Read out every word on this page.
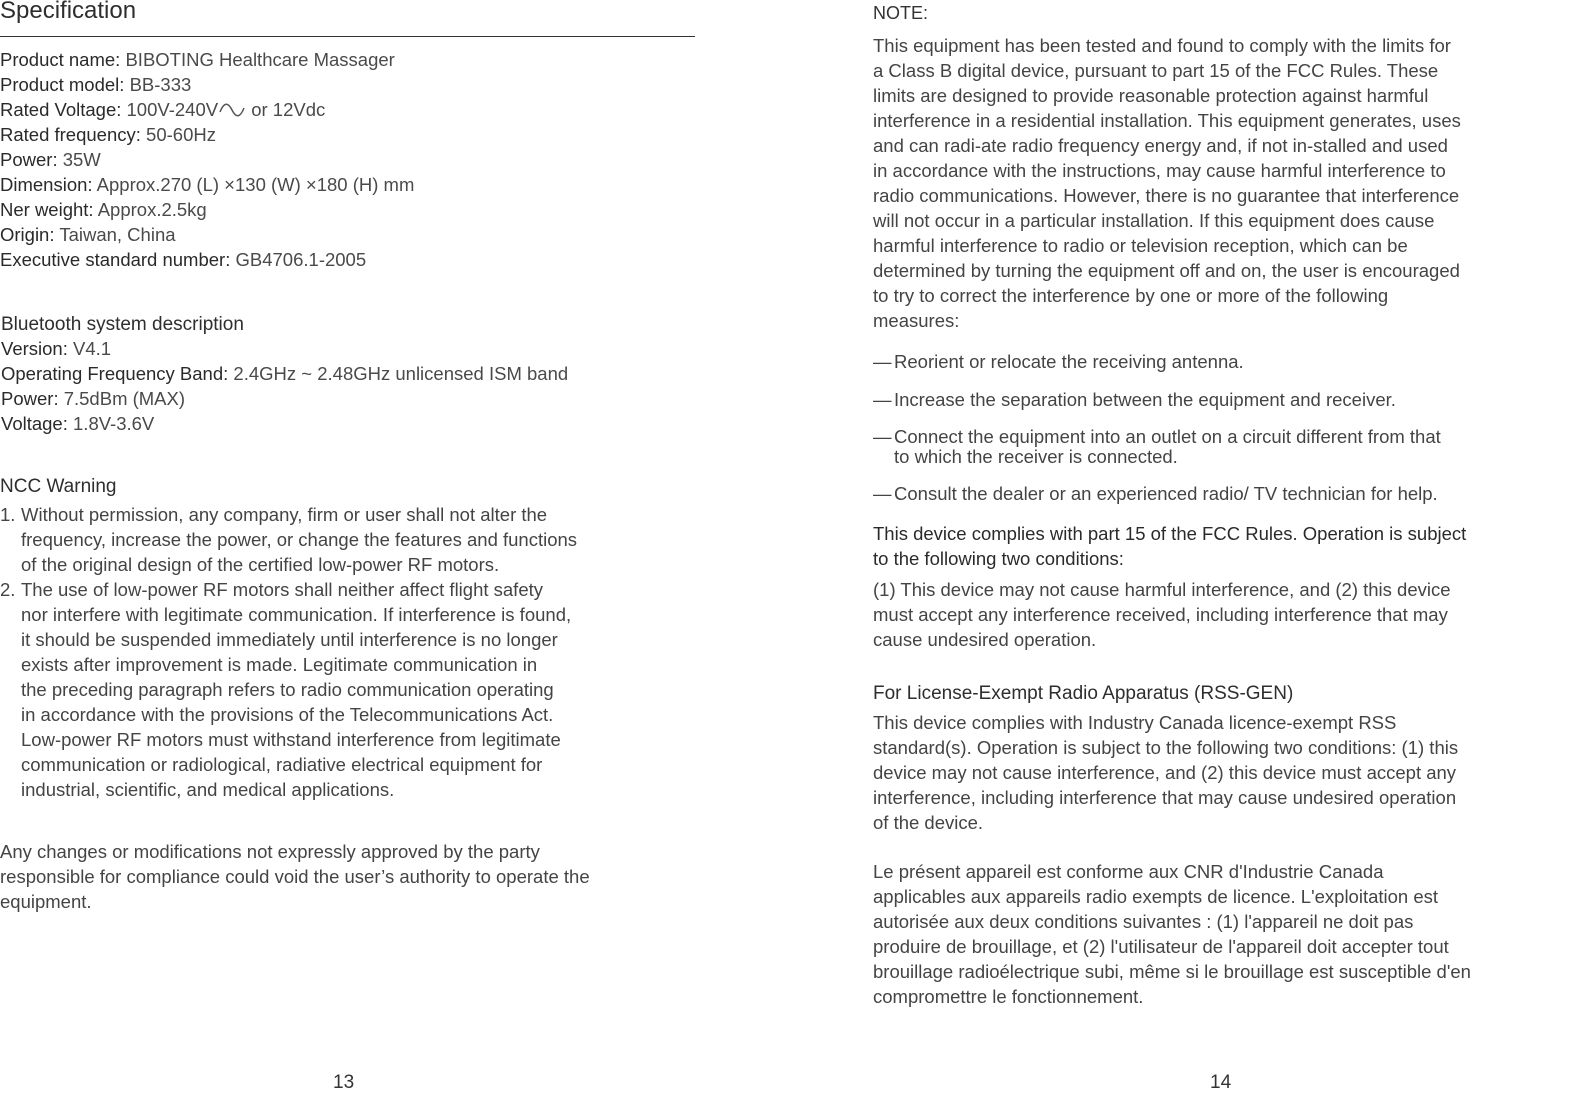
Specification
Product name: BIBOTING Healthcare Massager
Product model: BB-333
Rated Voltage: 100V-240V or 12Vdc
Rated frequency: 50-60Hz
Power: 35W
Dimension: Approx.270 (L) ×130 (W) ×180 (H) mm
Ner weight: Approx.2.5kg
Origin: Taiwan, China
Executive standard number: GB4706.1-2005
Bluetooth system description
Version: V4.1
Operating Frequency Band: 2.4GHz ~ 2.48GHz unlicensed ISM band
Power: 7.5dBm (MAX)
Voltage: 1.8V-3.6V
NCC Warning
1. Without permission, any company, firm or user shall not alter the
frequency, increase the power, or change the features and functions
of the original design of the certified low-power RF motors.
2. The use of low-power RF motors shall neither affect flight safety
nor interfere with legitimate communication. If interference is found,
it should be suspended immediately until interference is no longer
exists after improvement is made. Legitimate communication in
the preceding paragraph refers to radio communication operating
in accordance with the provisions of the Telecommunications Act.
Low-power RF motors must withstand interference from legitimate
communication or radiological, radiative electrical equipment for
industrial, scientific, and medical applications.
Any changes or modifications not expressly approved by the party
responsible for compliance could void the user’s authority to operate the
equipment.
13
NOTE:
This equipment has been tested and found to comply with the limits for
a Class B digital device, pursuant to part 15 of the FCC Rules. These
limits are designed to provide reasonable protection against harmful
interference in a residential installation. This equipment generates, uses
and can radi-ate radio frequency energy and, if not in-stalled and used
in accordance with the instructions, may cause harmful interference to
radio communications. However, there is no guarantee that interference
will not occur in a particular installation. If this equipment does cause
harmful interference to radio or television reception, which can be
determined by turning the equipment off and on, the user is encouraged
to try to correct the interference by one or more of the following
measures:
— Reorient or relocate the receiving antenna.
— Increase the separation between the equipment and receiver.
— Connect the equipment into an outlet on a circuit different from that
to which the receiver is connected.
— Consult the dealer or an experienced radio/ TV technician for help.
This device complies with part 15 of the FCC Rules. Operation is subject
to the following two conditions:
(1) This device may not cause harmful interference, and (2) this device
must accept any interference received, including interference that may
cause undesired operation.
For License-Exempt Radio Apparatus (RSS-GEN)
This device complies with Industry Canada licence-exempt RSS
standard(s). Operation is subject to the following two conditions: (1) this
device may not cause interference, and (2) this device must accept any
interference, including interference that may cause undesired operation
of the device.
Le présent appareil est conforme aux CNR d'Industrie Canada
applicables aux appareils radio exempts de licence. L'exploitation est
autorisée aux deux conditions suivantes : (1) l'appareil ne doit pas
produire de brouillage, et (2) l'utilisateur de l'appareil doit accepter tout
brouillage radioélectrique subi, même si le brouillage est susceptible d'en
compromettre le fonctionnement.
14
